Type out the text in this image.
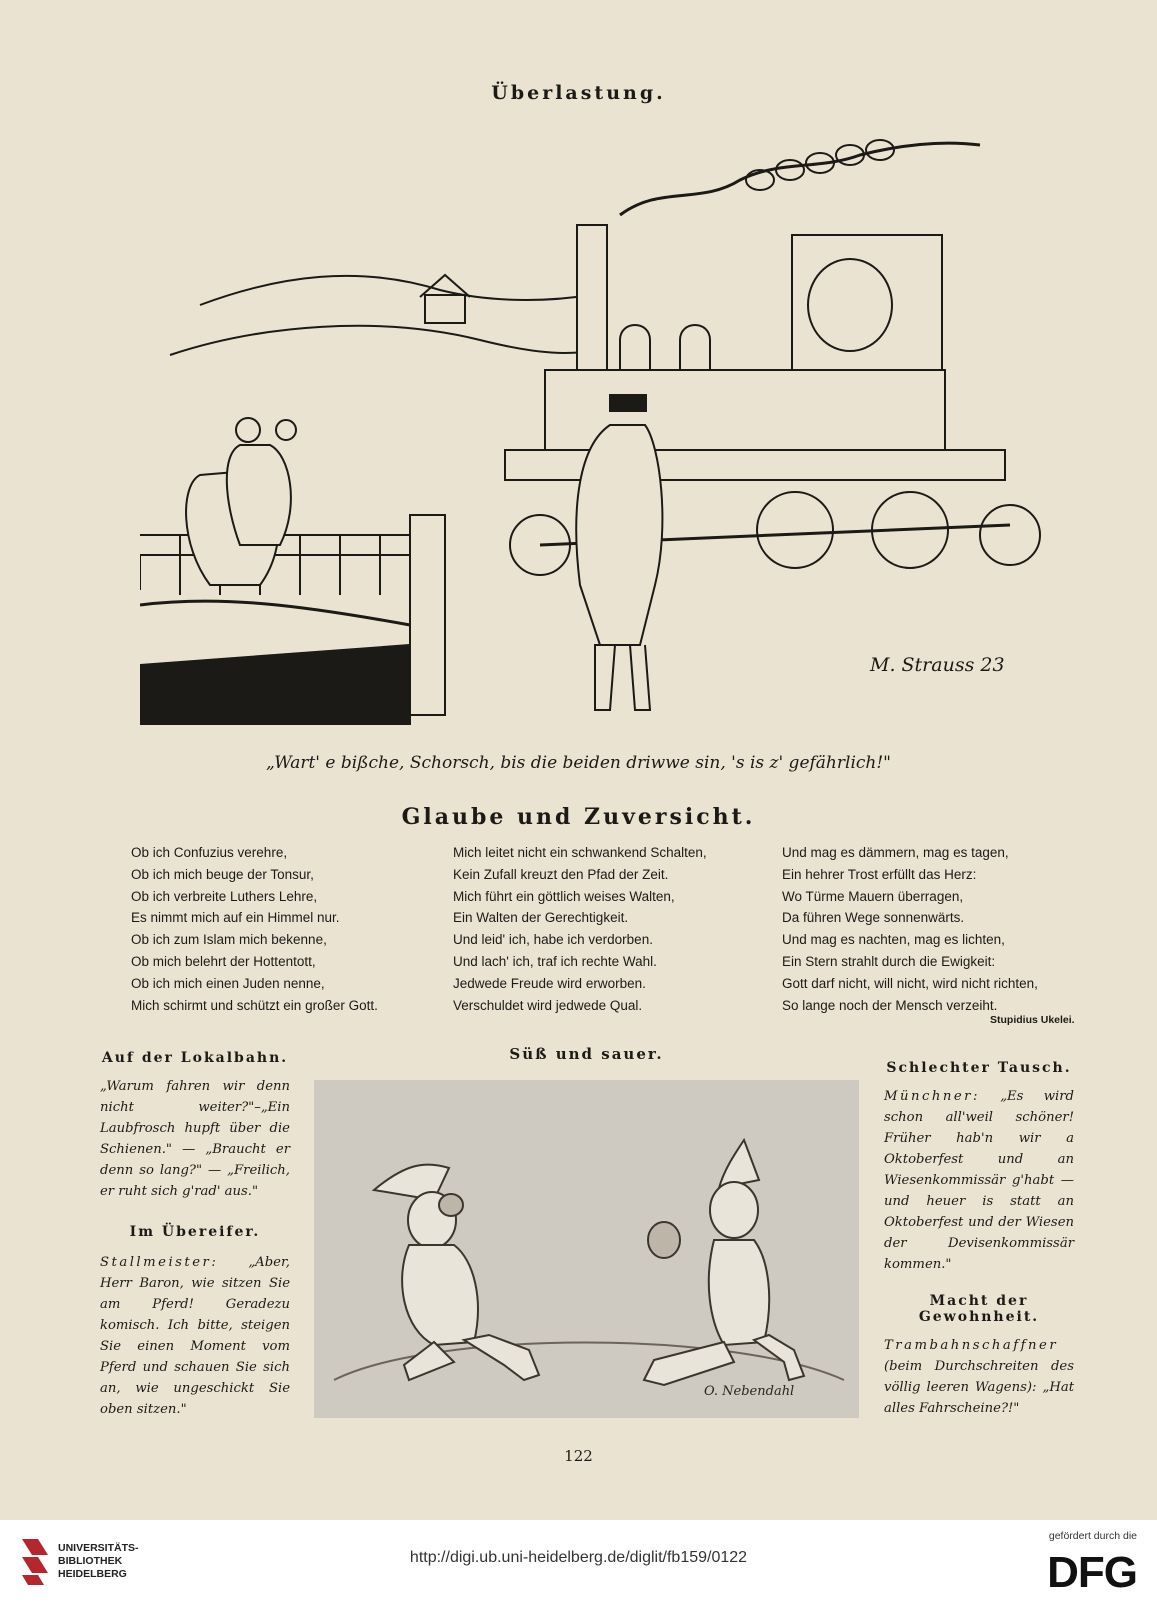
Überlastung.
M. Strauss 23
„Wart' e bißche, Schorsch, bis die beiden driwwe sin, 's is z' gefährlich!"
Glaube und Zuversicht.
Ob ich Confuzius verehre,
Ob ich mich beuge der Tonsur,
Ob ich verbreite Luthers Lehre,
Es nimmt mich auf ein Himmel nur.
Ob ich zum Islam mich bekenne,
Ob mich belehrt der Hottentott,
Ob ich mich einen Juden nenne,
Mich schirmt und schützt ein großer Gott.
Mich leitet nicht ein schwankend Schalten,
Kein Zufall kreuzt den Pfad der Zeit.
Mich führt ein göttlich weises Walten,
Ein Walten der Gerechtigkeit.
Und leid' ich, habe ich verdorben.
Und lach' ich, traf ich rechte Wahl.
Jedwede Freude wird erworben.
Verschuldet wird jedwede Qual.
Und mag es dämmern, mag es tagen,
Ein hehrer Trost erfüllt das Herz:
Wo Türme Mauern überragen,
Da führen Wege sonnenwärts.
Und mag es nachten, mag es lichten,
Ein Stern strahlt durch die Ewigkeit:
Gott darf nicht, will nicht, wird nicht richten,
So lange noch der Mensch verzeiht.
Stupidius Ukelei.
Auf der Lokalbahn.
„Warum fahren wir denn nicht weiter?"–„Ein Laubfrosch hupft über die Schienen." — „Braucht er denn so lang?" — „Freilich, er ruht sich g'rad' aus."
Im Übereifer.
Stallmeister: „Aber, Herr Baron, wie sitzen Sie am Pferd! Geradezu komisch. Ich bitte, steigen Sie einen Moment vom Pferd und schauen Sie sich an, wie ungeschickt Sie oben sitzen."
Süß und sauer.
O. Nebendahl
Schlechter Tausch.
Münchner: „Es wird schon all'weil schöner! Früher hab'n wir a Oktoberfest und an Wiesenkommissär g'habt — und heuer is statt an Oktoberfest und der Wiesen der Devisenkommissär kommen."
Macht der Gewohnheit.
Trambahnschaffner (beim Durchschreiten des völlig leeren Wagens): „Hat alles Fahrscheine?!"
122
UNIVERSITÄTS-
BIBLIOTHEK
HEIDELBERG
http://digi.ub.uni-heidelberg.de/diglit/fb159/0122
gefördert durch die
DFG
